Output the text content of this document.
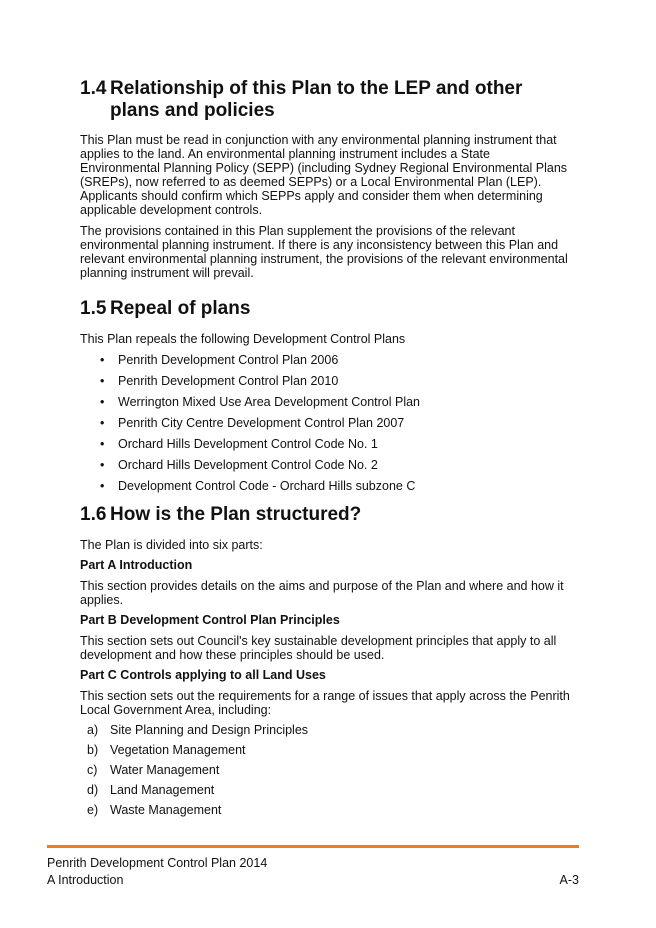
1.4 Relationship of this Plan to the LEP and other plans and policies

This Plan must be read in conjunction with any environmental planning instrument that applies to the land. An environmental planning instrument includes a State Environmental Planning Policy (SEPP) (including Sydney Regional Environmental Plans (SREPs), now referred to as deemed SEPPs) or a Local Environmental Plan (LEP). Applicants should confirm which SEPPs apply and consider them when determining applicable development controls.

The provisions contained in this Plan supplement the provisions of the relevant environmental planning instrument. If there is any inconsistency between this Plan and relevant environmental planning instrument, the provisions of the relevant environmental planning instrument will prevail.

1.5 Repeal of plans

This Plan repeals the following Development Control Plans

• Penrith Development Control Plan 2006
• Penrith Development Control Plan 2010
• Werrington Mixed Use Area Development Control Plan
• Penrith City Centre Development Control Plan 2007
• Orchard Hills Development Control Code No. 1
• Orchard Hills Development Control Code No. 2
• Development Control Code - Orchard Hills subzone C
1.6 How is the Plan structured?

The Plan is divided into six parts:

Part A Introduction

This section provides details on the aims and purpose of the Plan and where and how it applies.

Part B Development Control Plan Principles

This section sets out Council's key sustainable development principles that apply to all development and how these principles should be used.

Part C Controls applying to all Land Uses

This section sets out the requirements for a range of issues that apply across the Penrith Local Government Area, including:

a) Site Planning and Design Principles
b) Vegetation Management
c) Water Management
d) Land Management
e) Waste Management
Penrith Development Control Plan 2014
A Introduction	A-3
